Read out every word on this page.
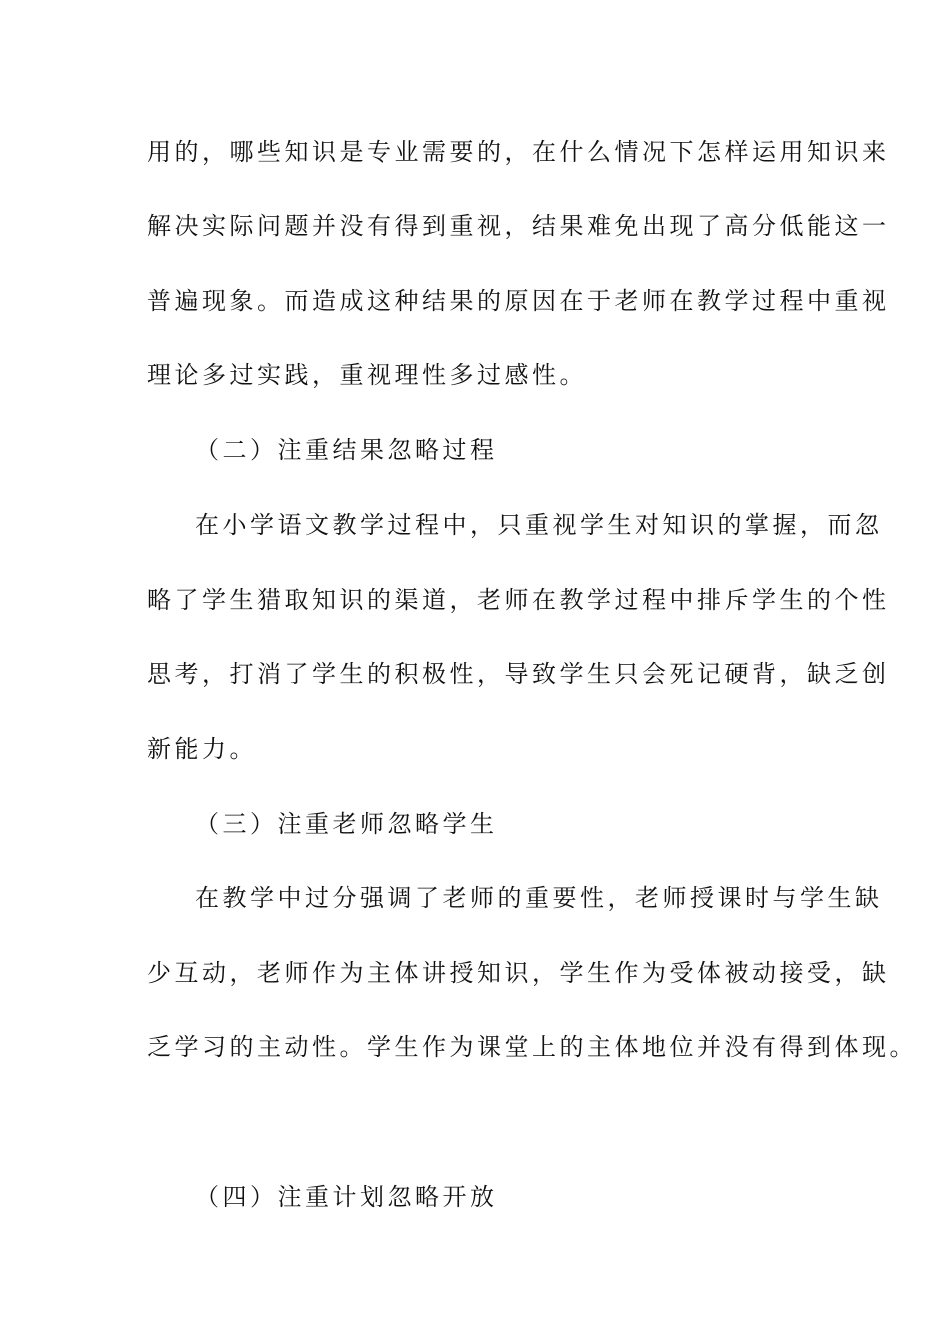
用的，哪些知识是专业需要的，在什么情况下怎样运用知识来
解决实际问题并没有得到重视，结果难免出现了高分低能这一
普遍现象。而造成这种结果的原因在于老师在教学过程中重视
理论多过实践，重视理性多过感性。
（二）注重结果忽略过程
在小学语文教学过程中，只重视学生对知识的掌握，而忽
略了学生猎取知识的渠道，老师在教学过程中排斥学生的个性
思考，打消了学生的积极性，导致学生只会死记硬背，缺乏创
新能力。
（三）注重老师忽略学生
在教学中过分强调了老师的重要性，老师授课时与学生缺
少互动，老师作为主体讲授知识，学生作为受体被动接受，缺
乏学习的主动性。学生作为课堂上的主体地位并没有得到体现。
（四）注重计划忽略开放
